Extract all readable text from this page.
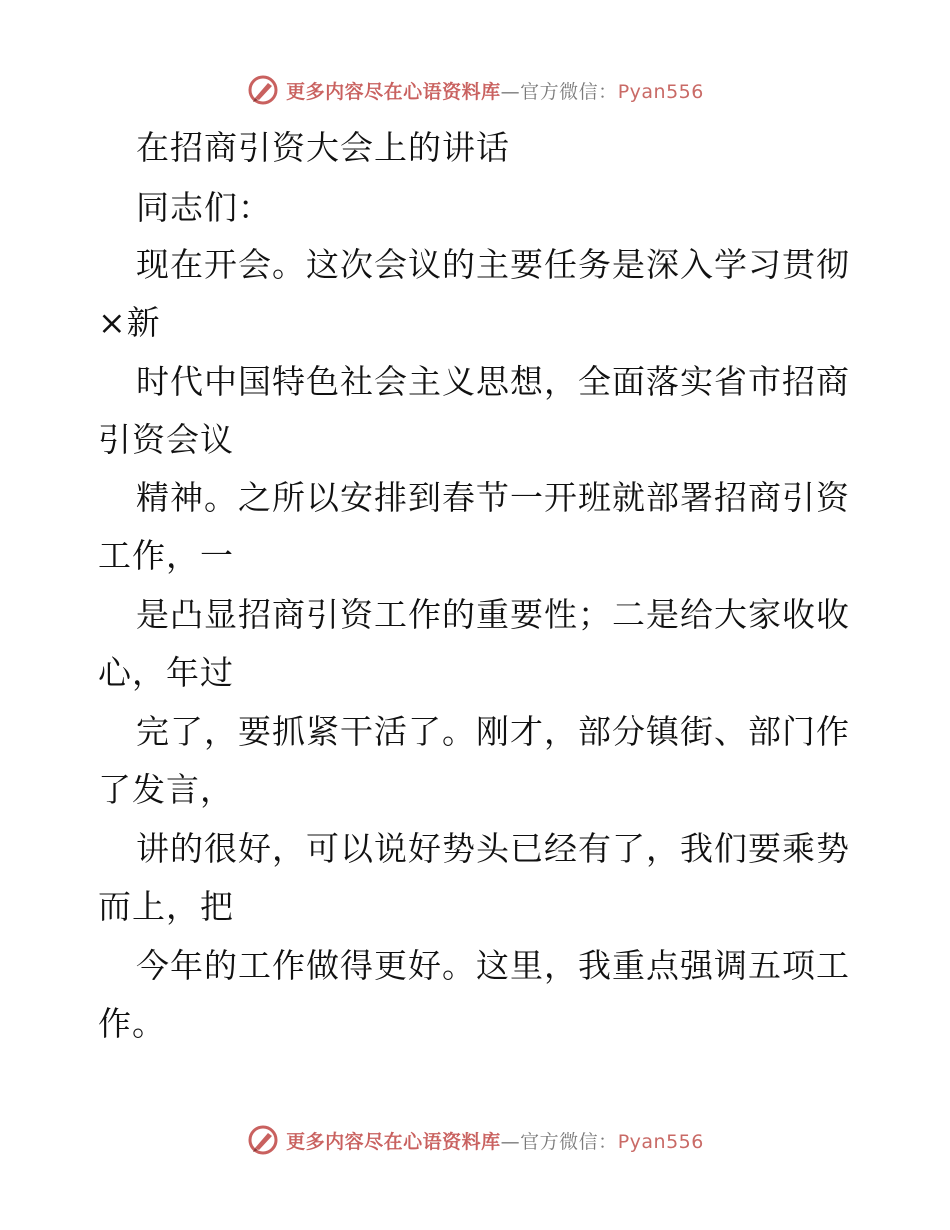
更多内容尽在心语资料库—官方微信：Pyan556
在招商引资大会上的讲话
同志们：
现在开会。这次会议的主要任务是深入学习贯彻
×新
时代中国特色社会主义思想，全面落实省市招商
引资会议
精神。之所以安排到春节一开班就部署招商引资
工作，一
是凸显招商引资工作的重要性；二是给大家收收
心，年过
完了，要抓紧干活了。刚才，部分镇街、部门作
了发言，
讲的很好，可以说好势头已经有了，我们要乘势
而上，把
今年的工作做得更好。这里，我重点强调五项工
作。
更多内容尽在心语资料库—官方微信：Pyan556
